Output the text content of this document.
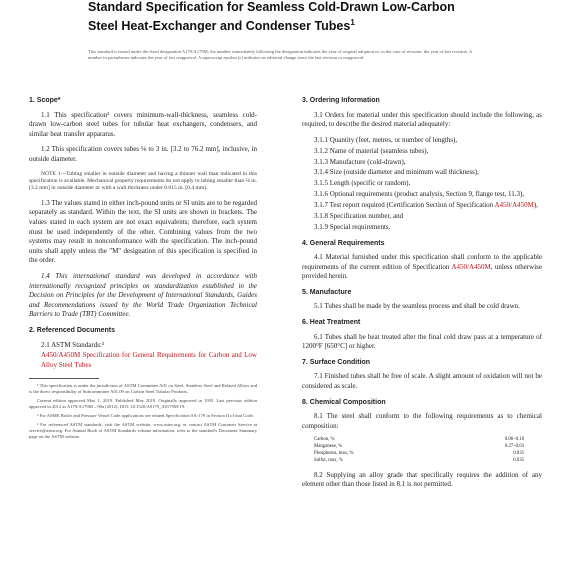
Standard Specification for Seamless Cold-Drawn Low-Carbon Steel Heat-Exchanger and Condenser Tubes$^1$
This standard is issued under the fixed designation A179/A179M; the number immediately following the designation indicates the year of original adoption or, in the case of revision, the year of last revision. A number in parentheses indicates the year of last reapproval. A superscript epsilon (ε) indicates an editorial change since the last revision or reapproval.
1. Scope*

1.1 This specification² covers minimum-wall-thickness, seamless cold-drawn low-carbon steel tubes for tubular heat exchangers, condensers, and similar heat transfer apparatus.

1.2 This specification covers tubes ⅛ to 3 in. [3.2 to 76.2 mm], inclusive, in outside diameter.

NOTE 1—Tubing smaller in outside diameter and having a thinner wall than indicated in this specification is available. Mechanical property requirements do not apply to tubing smaller than ⅛ in. [3.2 mm] in outside diameter or with a wall thickness under 0.015 in. [0.4 mm].

1.3 The values stated in either inch-pound units or SI units are to be regarded separately as standard. Within the text, the SI units are shown in brackets. The values stated in each system are not exact equivalents; therefore, each system must be used independently of the other. Combining values from the two systems may result in nonconformance with the specification. The inch-pound units shall apply unless the "M" designation of this specification is specified in the order.

1.4 This international standard was developed in accordance with internationally recognized principles on standardization established in the Decision on Principles for the Development of International Standards, Guides and Recommendations issued by the World Trade Organization Technical Barriers to Trade (TBT) Committee.

2. Referenced Documents

2.1 ASTM Standards:³

A450/A450M Specification for General Requirements for Carbon and Low Alloy Steel Tubes

¹ This specification is under the jurisdiction of ASTM Committee A01 on Steel, Stainless Steel and Related Alloys and is the direct responsibility of Subcommittee A01.09 on Carbon Steel Tubular Products.

Current edition approved May 1, 2019. Published May 2019. Originally approved in 1935. Last previous edition approved in 2012 as A179/A179M – 90a (2012). DOI: 10.1520/A0179_A0179M-19.

² For ASME Boiler and Pressure Vessel Code applications see related Specification SA-179 in Section II of that Code.

³ For referenced ASTM standards, visit the ASTM website, www.astm.org, or contact ASTM Customer Service at service@astm.org. For Annual Book of ASTM Standards volume information, refer to the standard's Document Summary page on the ASTM website.

3. Ordering Information

3.1 Orders for material under this specification should include the following, as required, to describe the desired material adequately:

3.1.1 Quantity (feet, metres, or number of lengths),

3.1.2 Name of material (seamless tubes),

3.1.3 Manufacture (cold-drawn),

3.1.4 Size (outside diameter and minimum wall thickness),

3.1.5 Length (specific or random),

3.1.6 Optional requirements (product analysis, Section 9, flange test, 11.3),

3.1.7 Test report required (Certification Section of Specification A450/A450M),

3.1.8 Specification number, and

3.1.9 Special requirements.

4. General Requirements

4.1 Material furnished under this specification shall conform to the applicable requirements of the current edition of Specification A450/A450M, unless otherwise provided herein.

5. Manufacture

5.1 Tubes shall be made by the seamless process and shall be cold drawn.

6. Heat Treatment

6.1 Tubes shall be heat treated after the final cold draw pass at a temperature of 1200°F [650°C] or higher.

7. Surface Condition

7.1 Finished tubes shall be free of scale. A slight amount of oxidation will not be considered as scale.

8. Chemical Composition

8.1 The steel shall conform to the following requirements as to chemical composition:

Carbon, %	0.06–0.18
Manganese, %	0.27–0.63
Phosphorus, max, %	0.035
Sulfur, max, %	0.035

8.2 Supplying an alloy grade that specifically requires the addition of any element other than those listed in 8.1 is not permitted.
